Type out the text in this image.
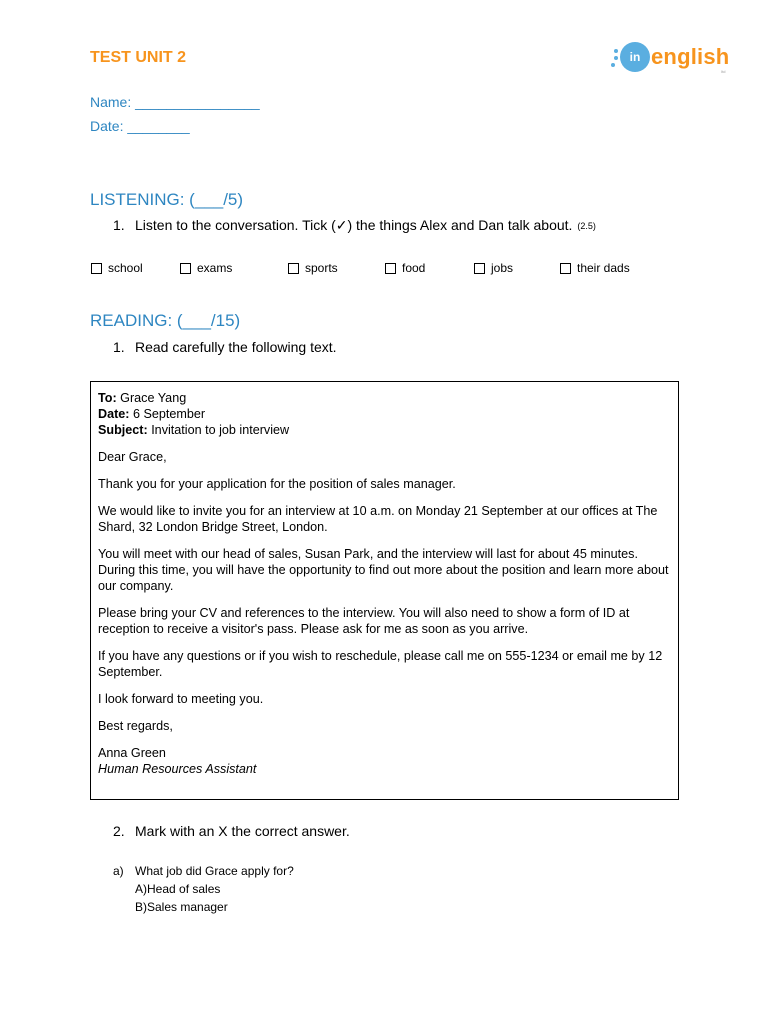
TEST UNIT 2	in english
ltd
Name: ________________
Date: ________
LISTENING: (___/5)
1. Listen to the conversation. Tick (✓) the things Alex and Dan talk about. (2.5)
school	exams	sports	food	jobs	their dads
READING: (___/15)
1. Read carefully the following text.

To: Grace Yang

Date: 6 September

Subject: Invitation to job interview

Dear Grace,

Thank you for your application for the position of sales manager.

We would like to invite you for an interview at 10 a.m. on Monday 21 September at our offices at The Shard, 32 London Bridge Street, London.

You will meet with our head of sales, Susan Park, and the interview will last for about 45 minutes. During this time, you will have the opportunity to find out more about the position and learn more about our company.

Please bring your CV and references to the interview. You will also need to show a form of ID at reception to receive a visitor's pass. Please ask for me as soon as you arrive.

If you have any questions or if you wish to reschedule, please call me on 555-1234 or email me by 12 September.

I look forward to meeting you.

Best regards,

Anna Green

Human Resources Assistant

2. Mark with an X the correct answer.
a) What job did Grace apply for?
A)Head of sales
B)Sales manager
